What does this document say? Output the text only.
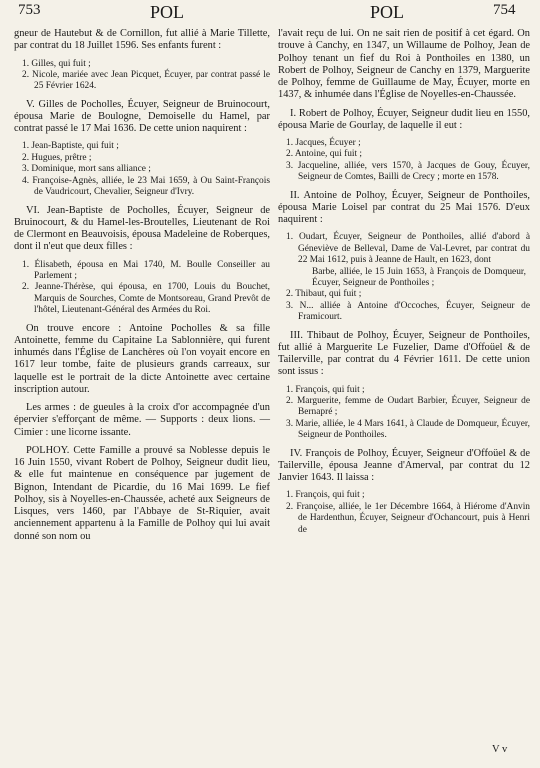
753	POL	POL	754

gneur de Hautebut & de Cornillon, fut allié à Marie Tillette, par contrat du 18 Juillet 1596. Ses enfants furent :

1. Gilles, qui fuit ;

2. Nicole, mariée avec Jean Picquet, Écuyer, par contrat passé le 25 Février 1624.

V. Gilles de Pocholles, Écuyer, Seigneur de Bruinocourt, épousa Marie de Boulogne, Demoiselle du Hamel, par contrat passé le 17 Mai 1636. De cette union naquirent :

1. Jean-Baptiste, qui fuit ;

2. Hugues, prêtre ;

3. Dominique, mort sans alliance ;

4. Françoise-Agnès, alliée, le 23 Mai 1659, à Ou Saint-François de Vaudricourt, Chevalier, Seigneur d'Ivry.

VI. Jean-Baptiste de Pocholles, Écuyer, Seigneur de Bruinocourt, & du Hamel-les-Broutelles, Lieutenant de Roi de Clermont en Beauvoisis, épousa Madeleine de Roberques, dont il n'eut que deux filles :

1. Élisabeth, épousa en Mai 1740, M. Boulle Conseiller au Parlement ;

2. Jeanne-Thérèse, qui épousa, en 1700, Louis du Bouchet, Marquis de Sourches, Comte de Montsoreau, Grand Prevôt de l'hôtel, Lieutenant-Général des Armées du Roi.

On trouve encore : Antoine Pocholles & sa fille Antoinette, femme du Capitaine La Sablonnière, qui furent inhumés dans l'Église de Lanchères où l'on voyait encore en 1617 leur tombe, faite de plusieurs grands carreaux, sur laquelle est le portrait de la dicte Antoinette avec certaine inscription autour.

Les armes : de gueules à la croix d'or accompagnée d'un épervier s'efforçant de même. — Supports : deux lions. — Cimier : une licorne issante.

POLHOY. Cette Famille a prouvé sa Noblesse depuis le 16 Juin 1550, vivant Robert de Polhoy, Seigneur dudit lieu, & elle fut maintenue en conséquence par jugement de Bignon, Intendant de Picardie, du 16 Mai 1699. Le fief Polhoy, sis à Noyelles-en-Chaussée, acheté aux Seigneurs de Lisques, vers 1460, par l'Abbaye de St-Riquier, avait anciennement appartenu à la Famille de Polhoy qui lui avait donné son nom ou

l'avait reçu de lui. On ne sait rien de positif à cet égard. On trouve à Canchy, en 1347, un Willaume de Polhoy, Jean de Polhoy tenant un fief du Roi à Ponthoiles en 1380, un Robert de Polhoy, Seigneur de Canchy en 1379, Marguerite de Polhoy, femme de Guillaume de May, Écuyer, morte en 1437, & inhumée dans l'Église de Noyelles-en-Chaussée.

I. Robert de Polhoy, Écuyer, Seigneur dudit lieu en 1550, épousa Marie de Gourlay, de laquelle il eut :

1. Jacques, Écuyer ;

2. Antoine, qui fuit ;

3. Jacqueline, alliée, vers 1570, à Jacques de Gouy, Écuyer, Seigneur de Comtes, Bailli de Crecy ; morte en 1578.

II. Antoine de Polhoy, Écuyer, Seigneur de Ponthoiles, épousa Marie Loisel par contrat du 25 Mai 1576. D'eux naquirent :

1. Oudart, Écuyer, Seigneur de Ponthoiles, allié d'abord à Géneviève de Belleval, Dame de Val-Levret, par contrat du 22 Mai 1612, puis à Jeanne de Hault, en 1623, dont

Barbe, alliée, le 15 Juin 1653, à François de Domqueur, Écuyer, Seigneur de Ponthoiles ;

2. Thibaut, qui fuit ;

3. N... alliée à Antoine d'Occoches, Écuyer, Seigneur de Framicourt.

III. Thibaut de Polhoy, Écuyer, Seigneur de Ponthoiles, fut allié à Marguerite Le Fuzelier, Dame d'Offoüel & de Tailerville, par contrat du 4 Février 1611. De cette union sont issus :

1. François, qui fuit ;

2. Marguerite, femme de Oudart Barbier, Écuyer, Seigneur de Bernapré ;

3. Marie, alliée, le 4 Mars 1641, à Claude de Domqueur, Écuyer, Seigneur de Ponthoiles.

IV. François de Polhoy, Écuyer, Seigneur d'Offoüel & de Tailerville, épousa Jeanne d'Amerval, par contrat du 12 Janvier 1643. Il laissa :

1. François, qui fuit ;

2. Françoise, alliée, le 1er Décembre 1664, à Hiérome d'Anvin de Hardenthun, Écuyer, Seigneur d'Ochancourt, puis à Henri de

V v
